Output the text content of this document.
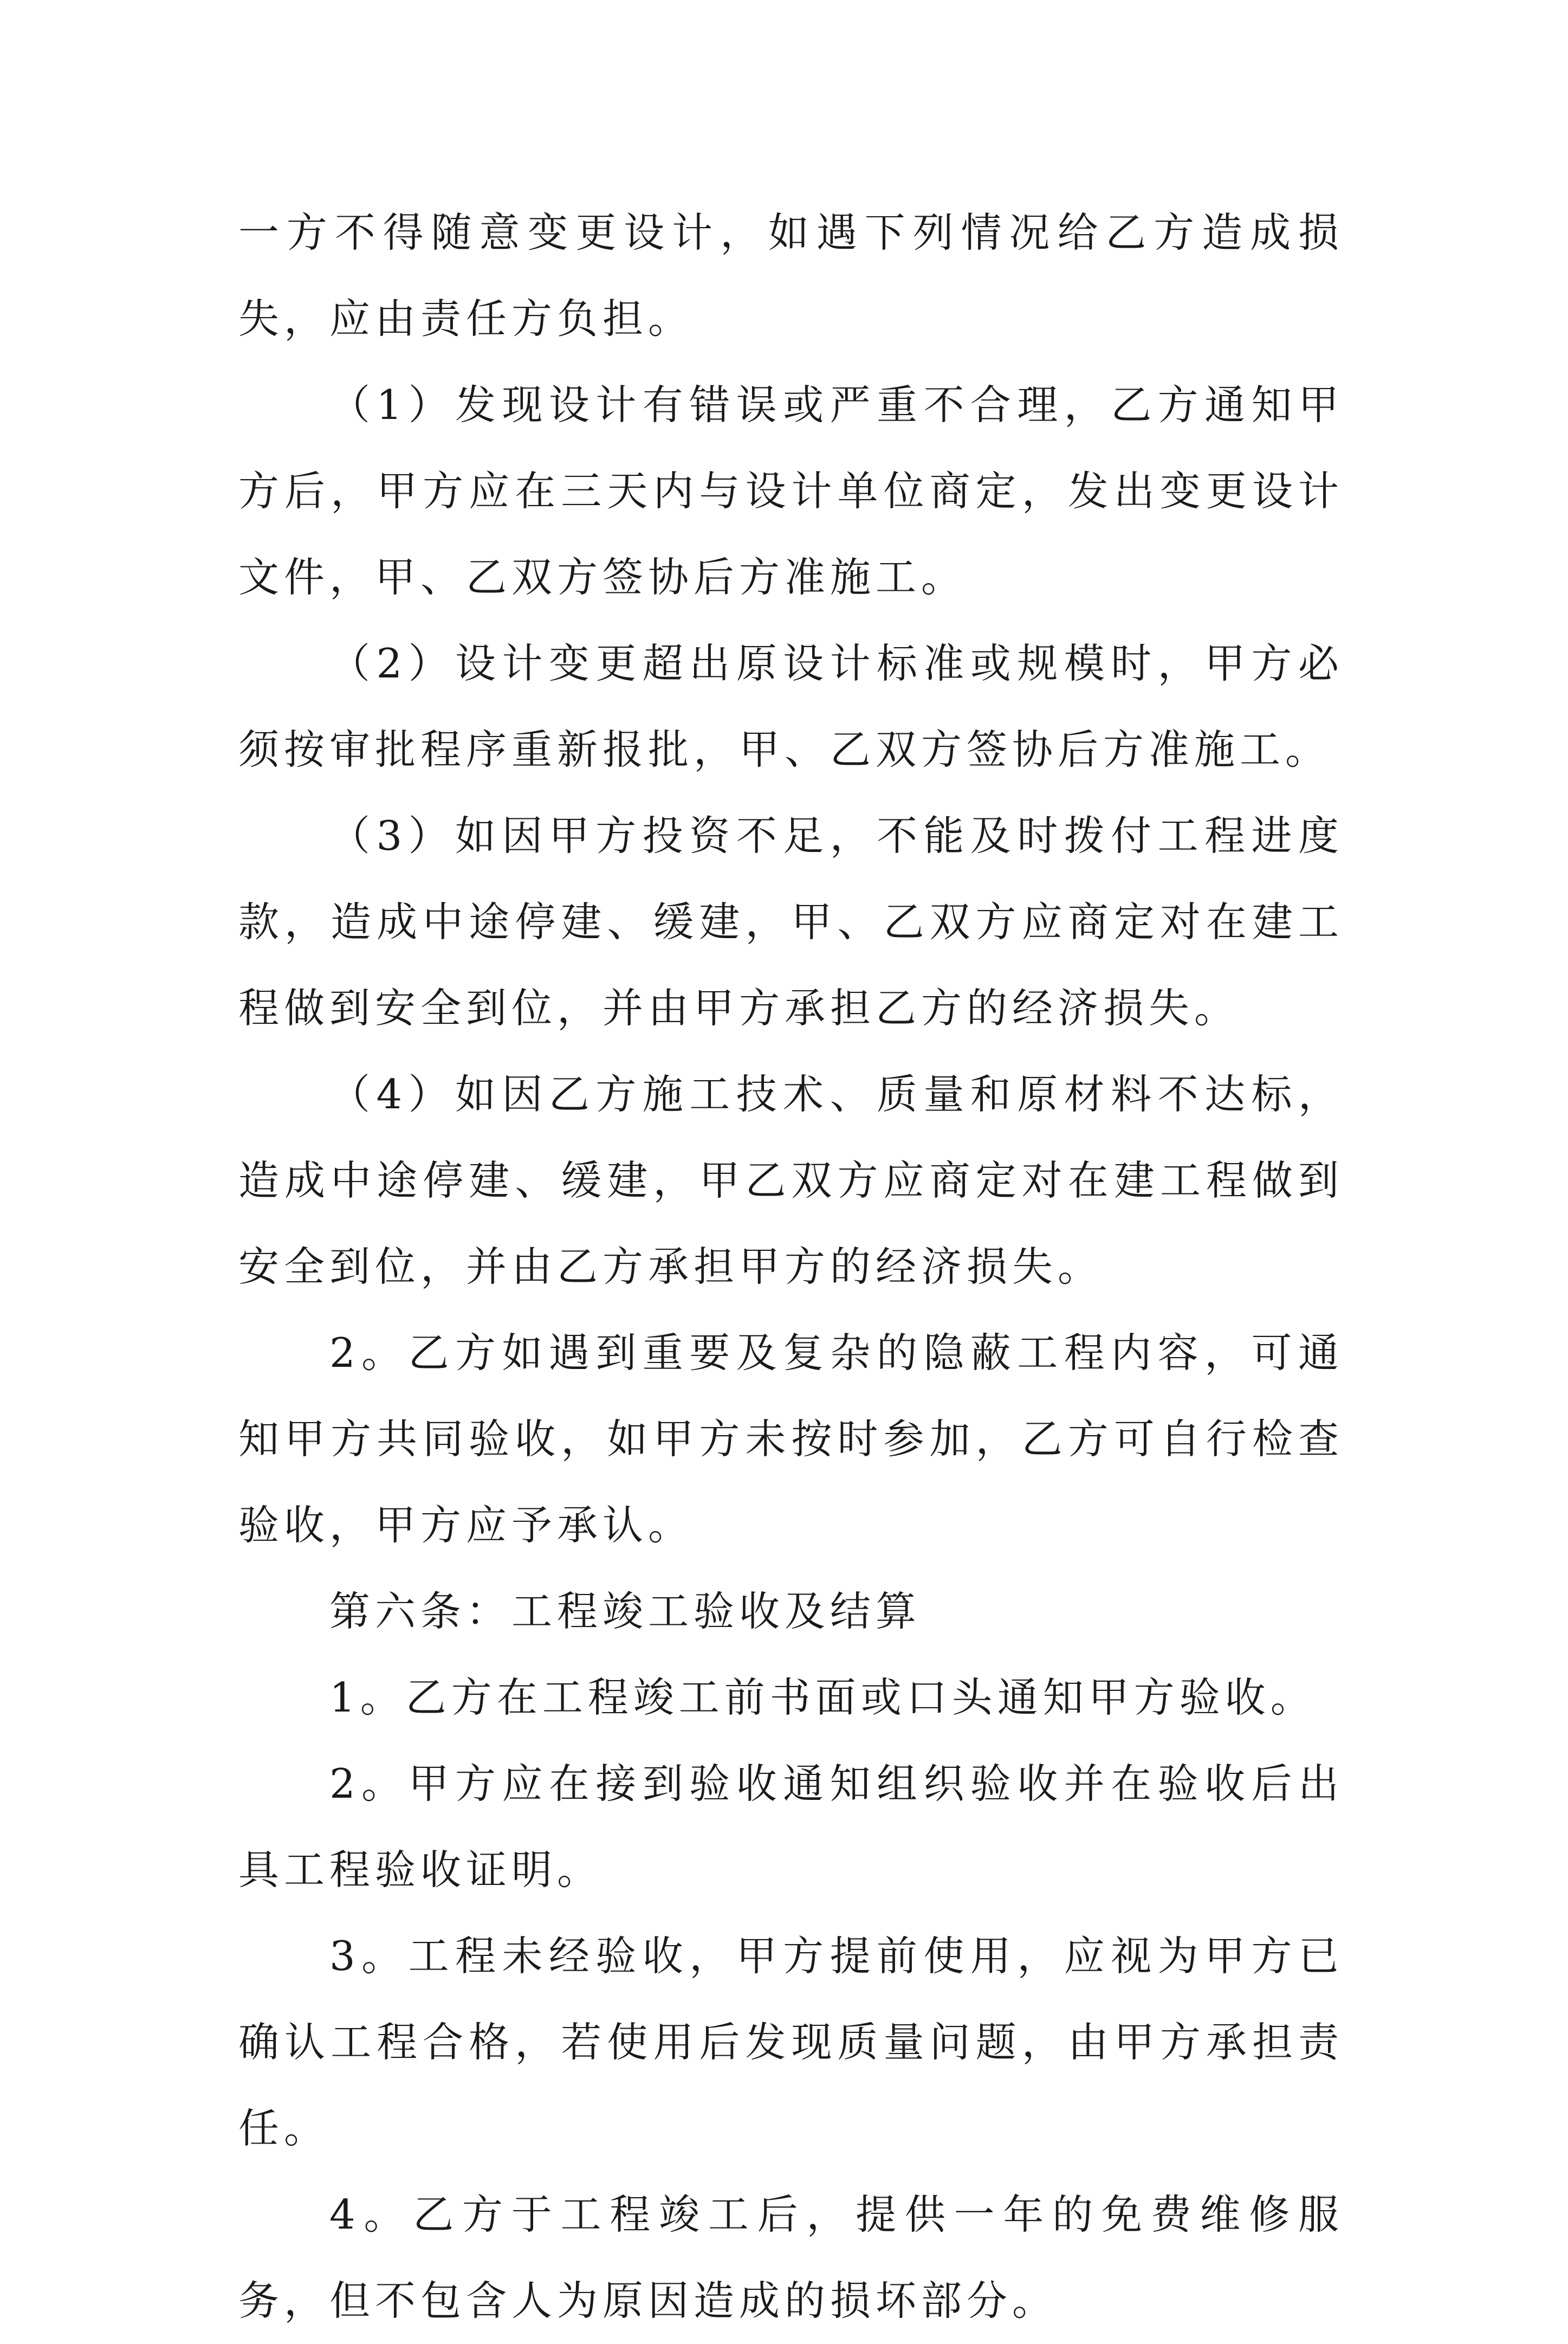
一方不得随意变更设计，如遇下列情况给乙方造成损失，应由责任方负担。

（1）发现设计有错误或严重不合理，乙方通知甲方后，甲方应在三天内与设计单位商定，发出变更设计文件，甲、乙双方签协后方准施工。

（2）设计变更超出原设计标准或规模时，甲方必须按审批程序重新报批，甲、乙双方签协后方准施工。

（3）如因甲方投资不足，不能及时拨付工程进度款，造成中途停建、缓建，甲、乙双方应商定对在建工程做到安全到位，并由甲方承担乙方的经济损失。

（4）如因乙方施工技术、质量和原材料不达标，造成中途停建、缓建，甲乙双方应商定对在建工程做到安全到位，并由乙方承担甲方的经济损失。

2。乙方如遇到重要及复杂的隐蔽工程内容，可通知甲方共同验收，如甲方未按时参加，乙方可自行检查验收，甲方应予承认。

第六条：工程竣工验收及结算

1。乙方在工程竣工前书面或口头通知甲方验收。

2。甲方应在接到验收通知组织验收并在验收后出具工程验收证明。

3。工程未经验收，甲方提前使用，应视为甲方已确认工程合格，若使用后发现质量问题，由甲方承担责任。

4。乙方于工程竣工后，提供一年的免费维修服务，但不包含人为原因造成的损坏部分。
